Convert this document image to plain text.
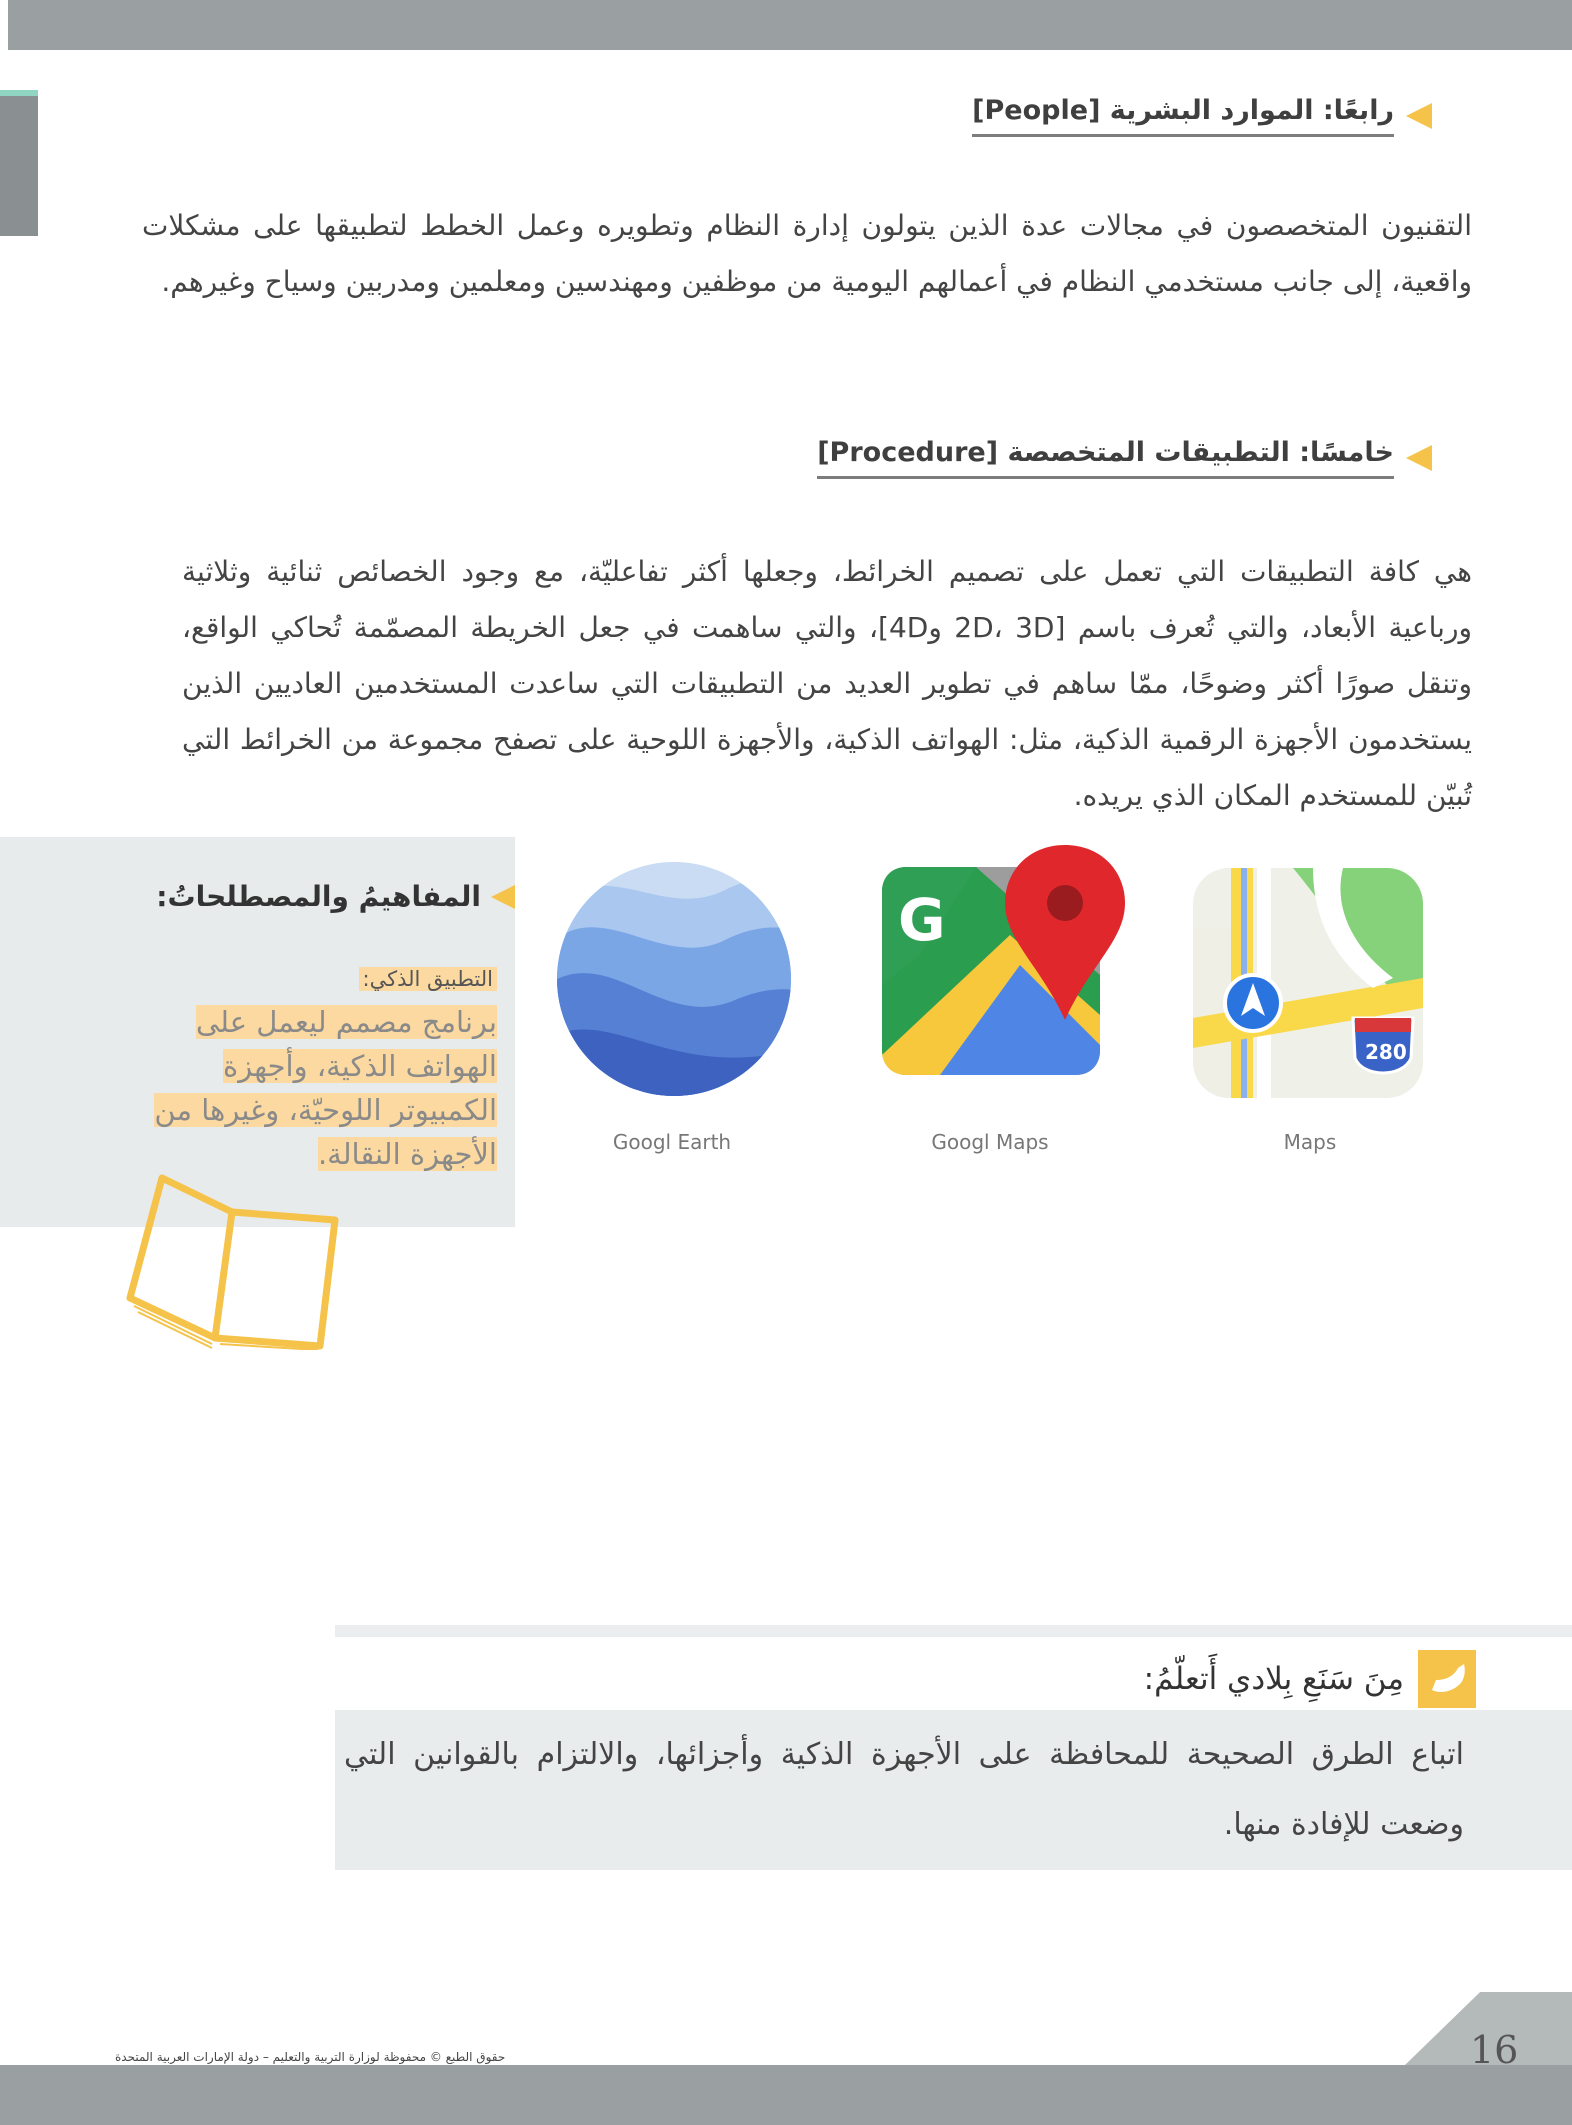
رابعًا: الموارد البشرية [People]
التقنيون المتخصصون في مجالات عدة الذين يتولون إدارة النظام وتطويره وعمل الخطط لتطبيقها على مشكلات واقعية، إلى جانب مستخدمي النظام في أعمالهم اليومية من موظفين ومهندسين ومعلمين ومدربين وسياح وغيرهم.
خامسًا: التطبيقات المتخصصة [Procedure]
هي كافة التطبيقات التي تعمل على تصميم الخرائط، وجعلها أكثر تفاعليّة، مع وجود الخصائص ثنائية وثلاثية ورباعية الأبعاد، والتي تُعرف باسم [2D، 3D و4D]، والتي ساهمت في جعل الخريطة المصمّمة تُحاكي الواقع، وتنقل صورًا أكثر وضوحًا، ممّا ساهم في تطوير العديد من التطبيقات التي ساعدت المستخدمين العاديين الذين يستخدمون الأجهزة الرقمية الذكية، مثل: الهواتف الذكية، والأجهزة اللوحية على تصفح مجموعة من الخرائط التي تُبيّن للمستخدم المكان الذي يريده.
المفاهيمُ والمصطلحاتُ:
التطبيق الذكي:
برنامج مصمم ليعمل على الهواتف الذكية، وأجهزة الكمبيوتر اللوحيّة، وغيرها من الأجهزة النقالة.	Googl Earth
G
Googl Maps
280
Maps
مِنَ سَنَعِ بِلادي أَتعلّمُ:
اتباع الطرق الصحيحة للمحافظة على الأجهزة الذكية وأجزائها، والالتزام بالقوانين التي وضعت للإفادة منها.
16
حقوق الطبع © محفوظة لوزارة التربية والتعليم – دولة الإمارات العربية المتحدة
